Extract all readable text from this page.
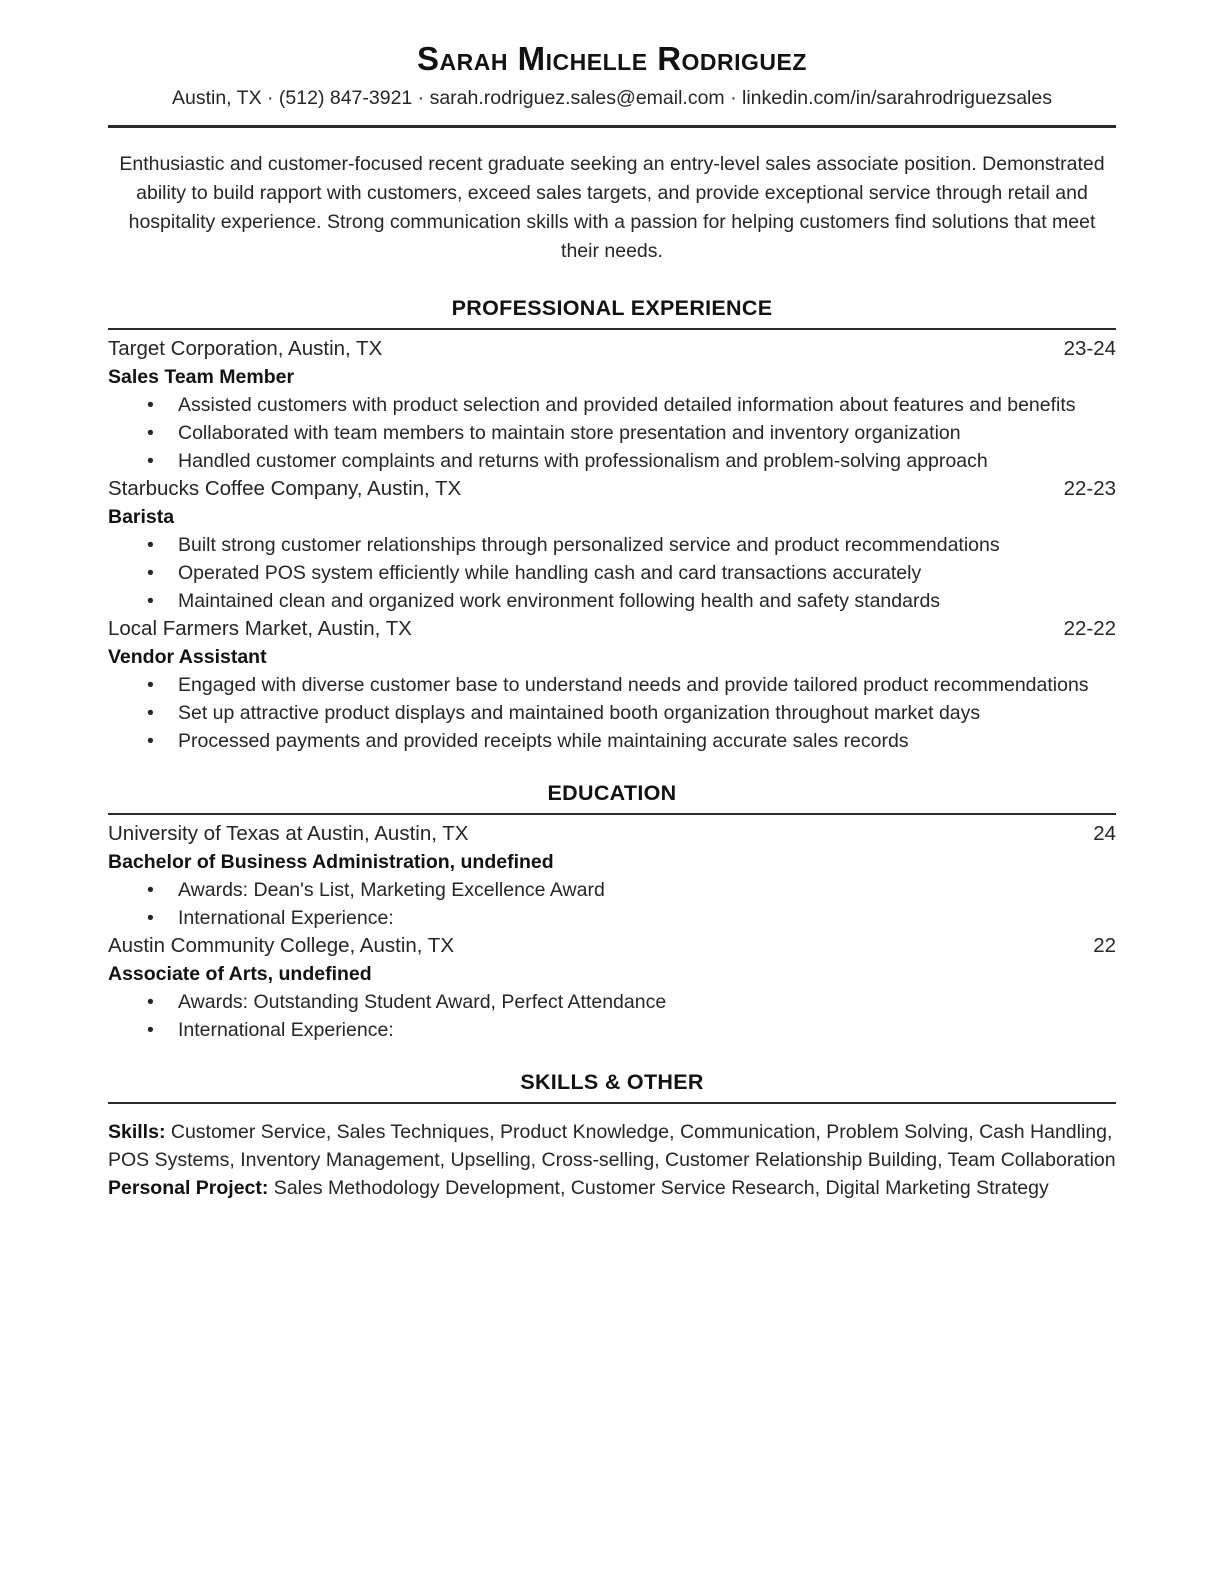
Sarah Michelle Rodriguez
Austin, TX · (512) 847-3921 · sarah.rodriguez.sales@email.com · linkedin.com/in/sarahrodriguezsales

Enthusiastic and customer-focused recent graduate seeking an entry-level sales associate position. Demonstrated ability to build rapport with customers, exceed sales targets, and provide exceptional service through retail and hospitality experience. Strong communication skills with a passion for helping customers find solutions that meet their needs.

PROFESSIONAL EXPERIENCE
Target Corporation, Austin, TX	23-24
Sales Team Member
• Assisted customers with product selection and provided detailed information about features and benefits
• Collaborated with team members to maintain store presentation and inventory organization
• Handled customer complaints and returns with professionalism and problem-solving approach
Starbucks Coffee Company, Austin, TX	22-23
Barista
• Built strong customer relationships through personalized service and product recommendations
• Operated POS system efficiently while handling cash and card transactions accurately
• Maintained clean and organized work environment following health and safety standards
Local Farmers Market, Austin, TX	22-22
Vendor Assistant
• Engaged with diverse customer base to understand needs and provide tailored product recommendations
• Set up attractive product displays and maintained booth organization throughout market days
• Processed payments and provided receipts while maintaining accurate sales records
EDUCATION
University of Texas at Austin, Austin, TX	24
Bachelor of Business Administration, undefined
• Awards: Dean's List, Marketing Excellence Award
• International Experience:
Austin Community College, Austin, TX	22
Associate of Arts, undefined
• Awards: Outstanding Student Award, Perfect Attendance
• International Experience:
SKILLS & OTHER

Skills: Customer Service, Sales Techniques, Product Knowledge, Communication, Problem Solving, Cash Handling, POS Systems, Inventory Management, Upselling, Cross-selling, Customer Relationship Building, Team Collaboration

Personal Project: Sales Methodology Development, Customer Service Research, Digital Marketing Strategy
